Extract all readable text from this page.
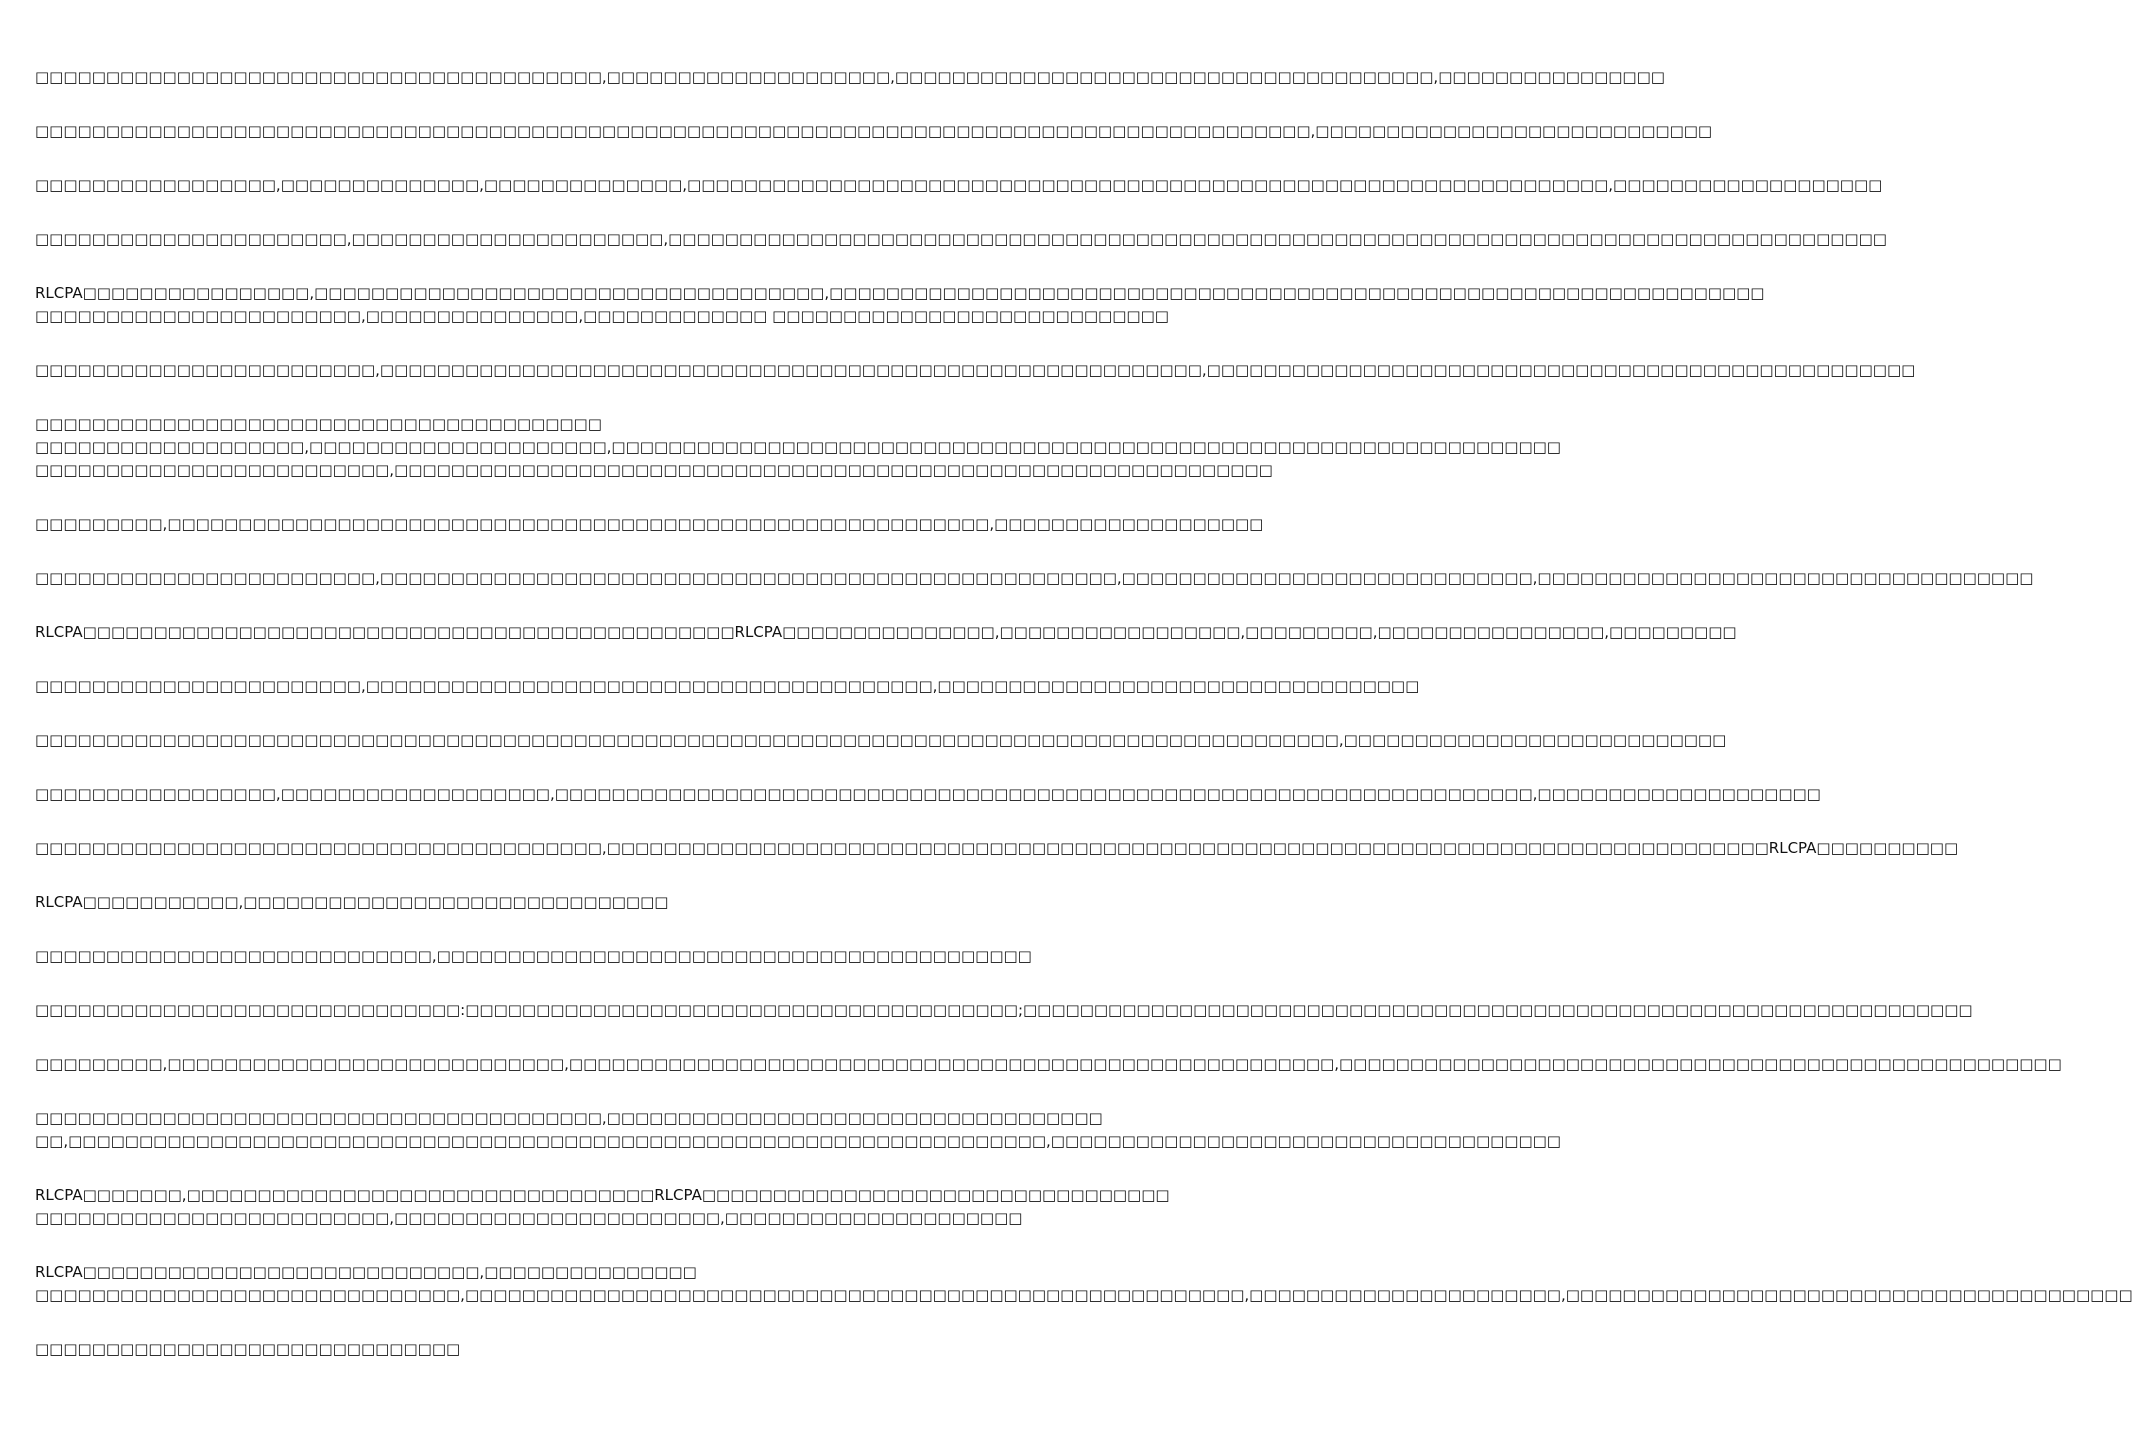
□□□□□□□□□□□□□□□□□□□□□□□□□□□□□□□□□□□□□□□□,□□□□□□□□□□□□□□□□□□□□,□□□□□□□□□□□□□□□□□□□□□□□□□□□□□□□□□□□□□□,□□□□□□□□□□□□□□□□
□□□□□□□□□□□□□□□□□□□□□□□□□□□□□□□□□□□□□□□□□□□□□□□□□□□□□□□□□□□□□□□□□□□□□□□□□□□□□□□□□□□□□□□□□□,□□□□□□□□□□□□□□□□□□□□□□□□□□□□
□□□□□□□□□□□□□□□□□,□□□□□□□□□□□□□□,□□□□□□□□□□□□□□,□□□□□□□□□□□□□□□□□□□□□□□□□□□□□□□□□□□□□□□□□□□□□□□□□□□□□□□□□□□□□□□□□,□□□□□□□□□□□□□□□□□□□
□□□□□□□□□□□□□□□□□□□□□□,□□□□□□□□□□□□□□□□□□□□□□,□□□□□□□□□□□□□□□□□□□□□□□□□□□□□□□□□□□□□□□□□□□□□□□□□□□□□□□□□□□□□□□□□□□□□□□□□□□□□□□□□□□□□□
RLCPA□□□□□□□□□□□□□□□□,□□□□□□□□□□□□□□□□□□□□□□□□□□□□□□□□□□□□,□□□□□□□□□□□□□□□□□□□□□□□□□□□□□□□□□□□□□□□□□□□□□□□□□□□□□□□□□□□□□□□□□□
□□□□□□□□□□□□□□□□□□□□□□□,□□□□□□□□□□□□□□□,□□□□□□□□□□□□□ □□□□□□□□□□□□□□□□□□□□□□□□□□□□
□□□□□□□□□□□□□□□□□□□□□□□□,□□□□□□□□□□□□□□□□□□□□□□□□□□□□□□□□□□□□□□□□□□□□□□□□□□□□□□□□□□,□□□□□□□□□□□□□□□□□□□□□□□□□□□□□□□□□□□□□□□□□□□□□□□□□□
□□□□□□□□□□□□□□□□□□□□□□□□□□□□□□□□□□□□□□□□
□□□□□□□□□□□□□□□□□□□,□□□□□□□□□□□□□□□□□□□□□,□□□□□□□□□□□□□□□□□□□□□□□□□□□□□□□□□□□□□□□□□□□□□□□□□□□□□□□□□□□□□□□□□□□
□□□□□□□□□□□□□□□□□□□□□□□□□,□□□□□□□□□□□□□□□□□□□□□□□□□□□□□□□□□□□□□□□□□□□□□□□□□□□□□□□□□□□□□□
□□□□□□□□□,□□□□□□□□□□□□□□□□□□□□□□□□□□□□□□□□□□□□□□□□□□□□□□□□□□□□□□□□□□,□□□□□□□□□□□□□□□□□□□
□□□□□□□□□□□□□□□□□□□□□□□□,□□□□□□□□□□□□□□□□□□□□□□□□□□□□□□□□□□□□□□□□□□□□□□□□□□□□,□□□□□□□□□□□□□□□□□□□□□□□□□□□□□,□□□□□□□□□□□□□□□□□□□□□□□□□□□□□□□□□□□
RLCPA□□□□□□□□□□□□□□□□□□□□□□□□□□□□□□□□□□□□□□□□□□□□□□RLCPA□□□□□□□□□□□□□□□,□□□□□□□□□□□□□□□□□,□□□□□□□□□,□□□□□□□□□□□□□□□□,□□□□□□□□□
□□□□□□□□□□□□□□□□□□□□□□□,□□□□□□□□□□□□□□□□□□□□□□□□□□□□□□□□□□□□□□□□,□□□□□□□□□□□□□□□□□□□□□□□□□□□□□□□□□□
□□□□□□□□□□□□□□□□□□□□□□□□□□□□□□□□□□□□□□□□□□□□□□□□□□□□□□□□□□□□□□□□□□□□□□□□□□□□□□□□□□□□□□□□□□□□,□□□□□□□□□□□□□□□□□□□□□□□□□□□
□□□□□□□□□□□□□□□□□,□□□□□□□□□□□□□□□□□□□,□□□□□□□□□□□□□□□□□□□□□□□□□□□□□□□□□□□□□□□□□□□□□□□□□□□□□□□□□□□□□□□□□□□□□,□□□□□□□□□□□□□□□□□□□□
□□□□□□□□□□□□□□□□□□□□□□□□□□□□□□□□□□□□□□□□,□□□□□□□□□□□□□□□□□□□□□□□□□□□□□□□□□□□□□□□□□□□□□□□□□□□□□□□□□□□□□□□□□□□□□□□□□□□□□□□□□□RLCPA□□□□□□□□□□
RLCPA□□□□□□□□□□□,□□□□□□□□□□□□□□□□□□□□□□□□□□□□□□
□□□□□□□□□□□□□□□□□□□□□□□□□□□□,□□□□□□□□□□□□□□□□□□□□□□□□□□□□□□□□□□□□□□□□□□
□□□□□□□□□□□□□□□□□□□□□□□□□□□□□□:□□□□□□□□□□□□□□□□□□□□□□□□□□□□□□□□□□□□□□□;□□□□□□□□□□□□□□□□□□□□□□□□□□□□□□□□□□□□□□□□□□□□□□□□□□□□□□□□□□□□□□□□□□□
□□□□□□□□□,□□□□□□□□□□□□□□□□□□□□□□□□□□□□,□□□□□□□□□□□□□□□□□□□□□□□□□□□□□□□□□□□□□□□□□□□□□□□□□□□□□□,□□□□□□□□□□□□□□□□□□□□□□□□□□□□□□□□□□□□□□□□□□□□□□□□□□□
□□□□□□□□□□□□□□□□□□□□□□□□□□□□□□□□□□□□□□□□,□□□□□□□□□□□□□□□□□□□□□□□□□□□□□□□□□□□
□□,□□□□□□□□□□□□□□□□□□□□□□□□□□□□□□□□□□□□□□□□□□□□□□□□□□□□□□□□□□□□□□□□□□□□□,□□□□□□□□□□□□□□□□□□□□□□□□□□□□□□□□□□□□
RLCPA□□□□□□□,□□□□□□□□□□□□□□□□□□□□□□□□□□□□□□□□□RLCPA□□□□□□□□□□□□□□□□□□□□□□□□□□□□□□□□□
□□□□□□□□□□□□□□□□□□□□□□□□□,□□□□□□□□□□□□□□□□□□□□□□□,□□□□□□□□□□□□□□□□□□□□□
RLCPA□□□□□□□□□□□□□□□□□□□□□□□□□□□□,□□□□□□□□□□□□□□□
□□□□□□□□□□□□□□□□□□□□□□□□□□□□□□,□□□□□□□□□□□□□□□□□□□□□□□□□□□□□□□□□□□□□□□□□□□□□□□□□□□□□□□,□□□□□□□□□□□□□□□□□□□□□□,□□□□□□□□□□□□□□□□□□□□□□□□□□□□□□□□□□□□□□□□
□□□□□□□□□□□□□□□□□□□□□□□□□□□□□□
